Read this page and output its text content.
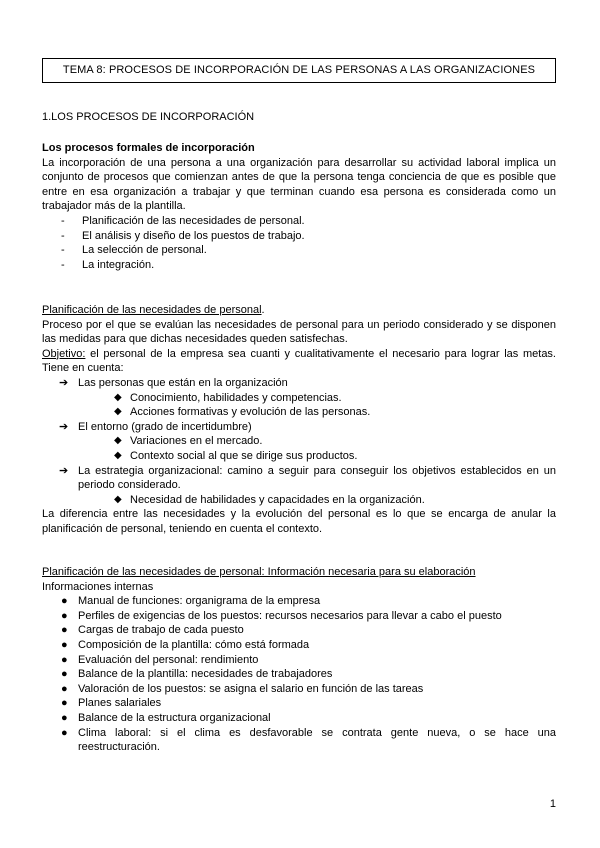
TEMA 8: PROCESOS DE INCORPORACIÓN DE LAS PERSONAS A LAS ORGANIZACIONES
1.LOS PROCESOS DE INCORPORACIÓN
Los procesos formales de incorporación
La incorporación de una persona a una organización para desarrollar su actividad laboral implica un conjunto de procesos que comienzan antes de que la persona tenga conciencia de que es posible que entre en esa organización a trabajar y que terminan cuando esa persona es considerada como un trabajador más de la plantilla.
- Planificación de las necesidades de personal.
- El análisis y diseño de los puestos de trabajo.
- La selección de personal.
- La integración.
Planificación de las necesidades de personal.
Proceso por el que se evalúan las necesidades de personal para un periodo considerado y se disponen las medidas para que dichas necesidades queden satisfechas.
Objetivo: el personal de la empresa sea cuanti y cualitativamente el necesario para lograr las metas. Tiene en cuenta:
➔ Las personas que están en la organización
◆ Conocimiento, habilidades y competencias.
◆ Acciones formativas y evolución de las personas.
➔ El entorno (grado de incertidumbre)
◆ Variaciones en el mercado.
◆ Contexto social al que se dirige sus productos.
➔ La estrategia organizacional: camino a seguir para conseguir los objetivos establecidos en un periodo considerado.
◆ Necesidad de habilidades y capacidades en la organización.
La diferencia entre las necesidades y la evolución del personal es lo que se encarga de anular la planificación de personal, teniendo en cuenta el contexto.
Planificación de las necesidades de personal: Información necesaria para su elaboración
Informaciones internas
● Manual de funciones: organigrama de la empresa
● Perfiles de exigencias de los puestos: recursos necesarios para llevar a cabo el puesto
● Cargas de trabajo de cada puesto
● Composición de la plantilla: cómo está formada
● Evaluación del personal: rendimiento
● Balance de la plantilla: necesidades de trabajadores
● Valoración de los puestos: se asigna el salario en función de las tareas
● Planes salariales
● Balance de la estructura organizacional
● Clima laboral: si el clima es desfavorable se contrata gente nueva, o se hace una reestructuración.
1
